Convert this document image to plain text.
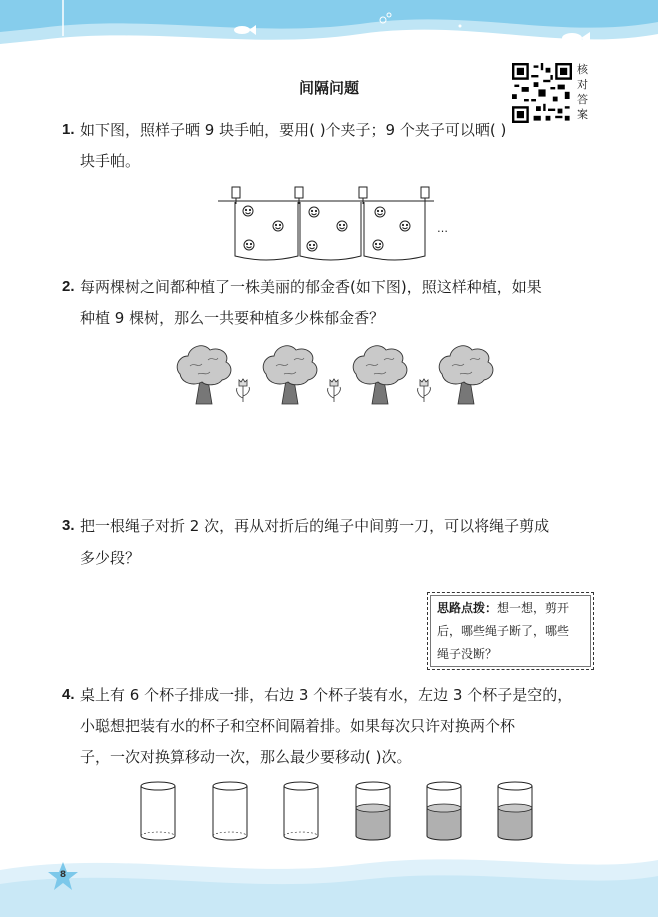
扬帆天天练
间隔问题
核对答案
1. 如下图，照样子晒 9 块手帕，要用( )个夹子；9 个夹子可以晒( )
块手帕。
…
2. 每两棵树之间都种植了一株美丽的郁金香(如下图)，照这样种植，如果
种植 9 棵树，那么一共要种植多少株郁金香？
3. 把一根绳子对折 2 次，再从对折后的绳子中间剪一刀，可以将绳子剪成
多少段？
思路点拨：想一想，剪开
后，哪些绳子断了，哪些
绳子没断？
4. 桌上有 6 个杯子排成一排，右边 3 个杯子装有水，左边 3 个杯子是空的，
小聪想把装有水的杯子和空杯间隔着排。如果每次只许对换两个杯
子，一次对换算移动一次，那么最少要移动( )次。
8
